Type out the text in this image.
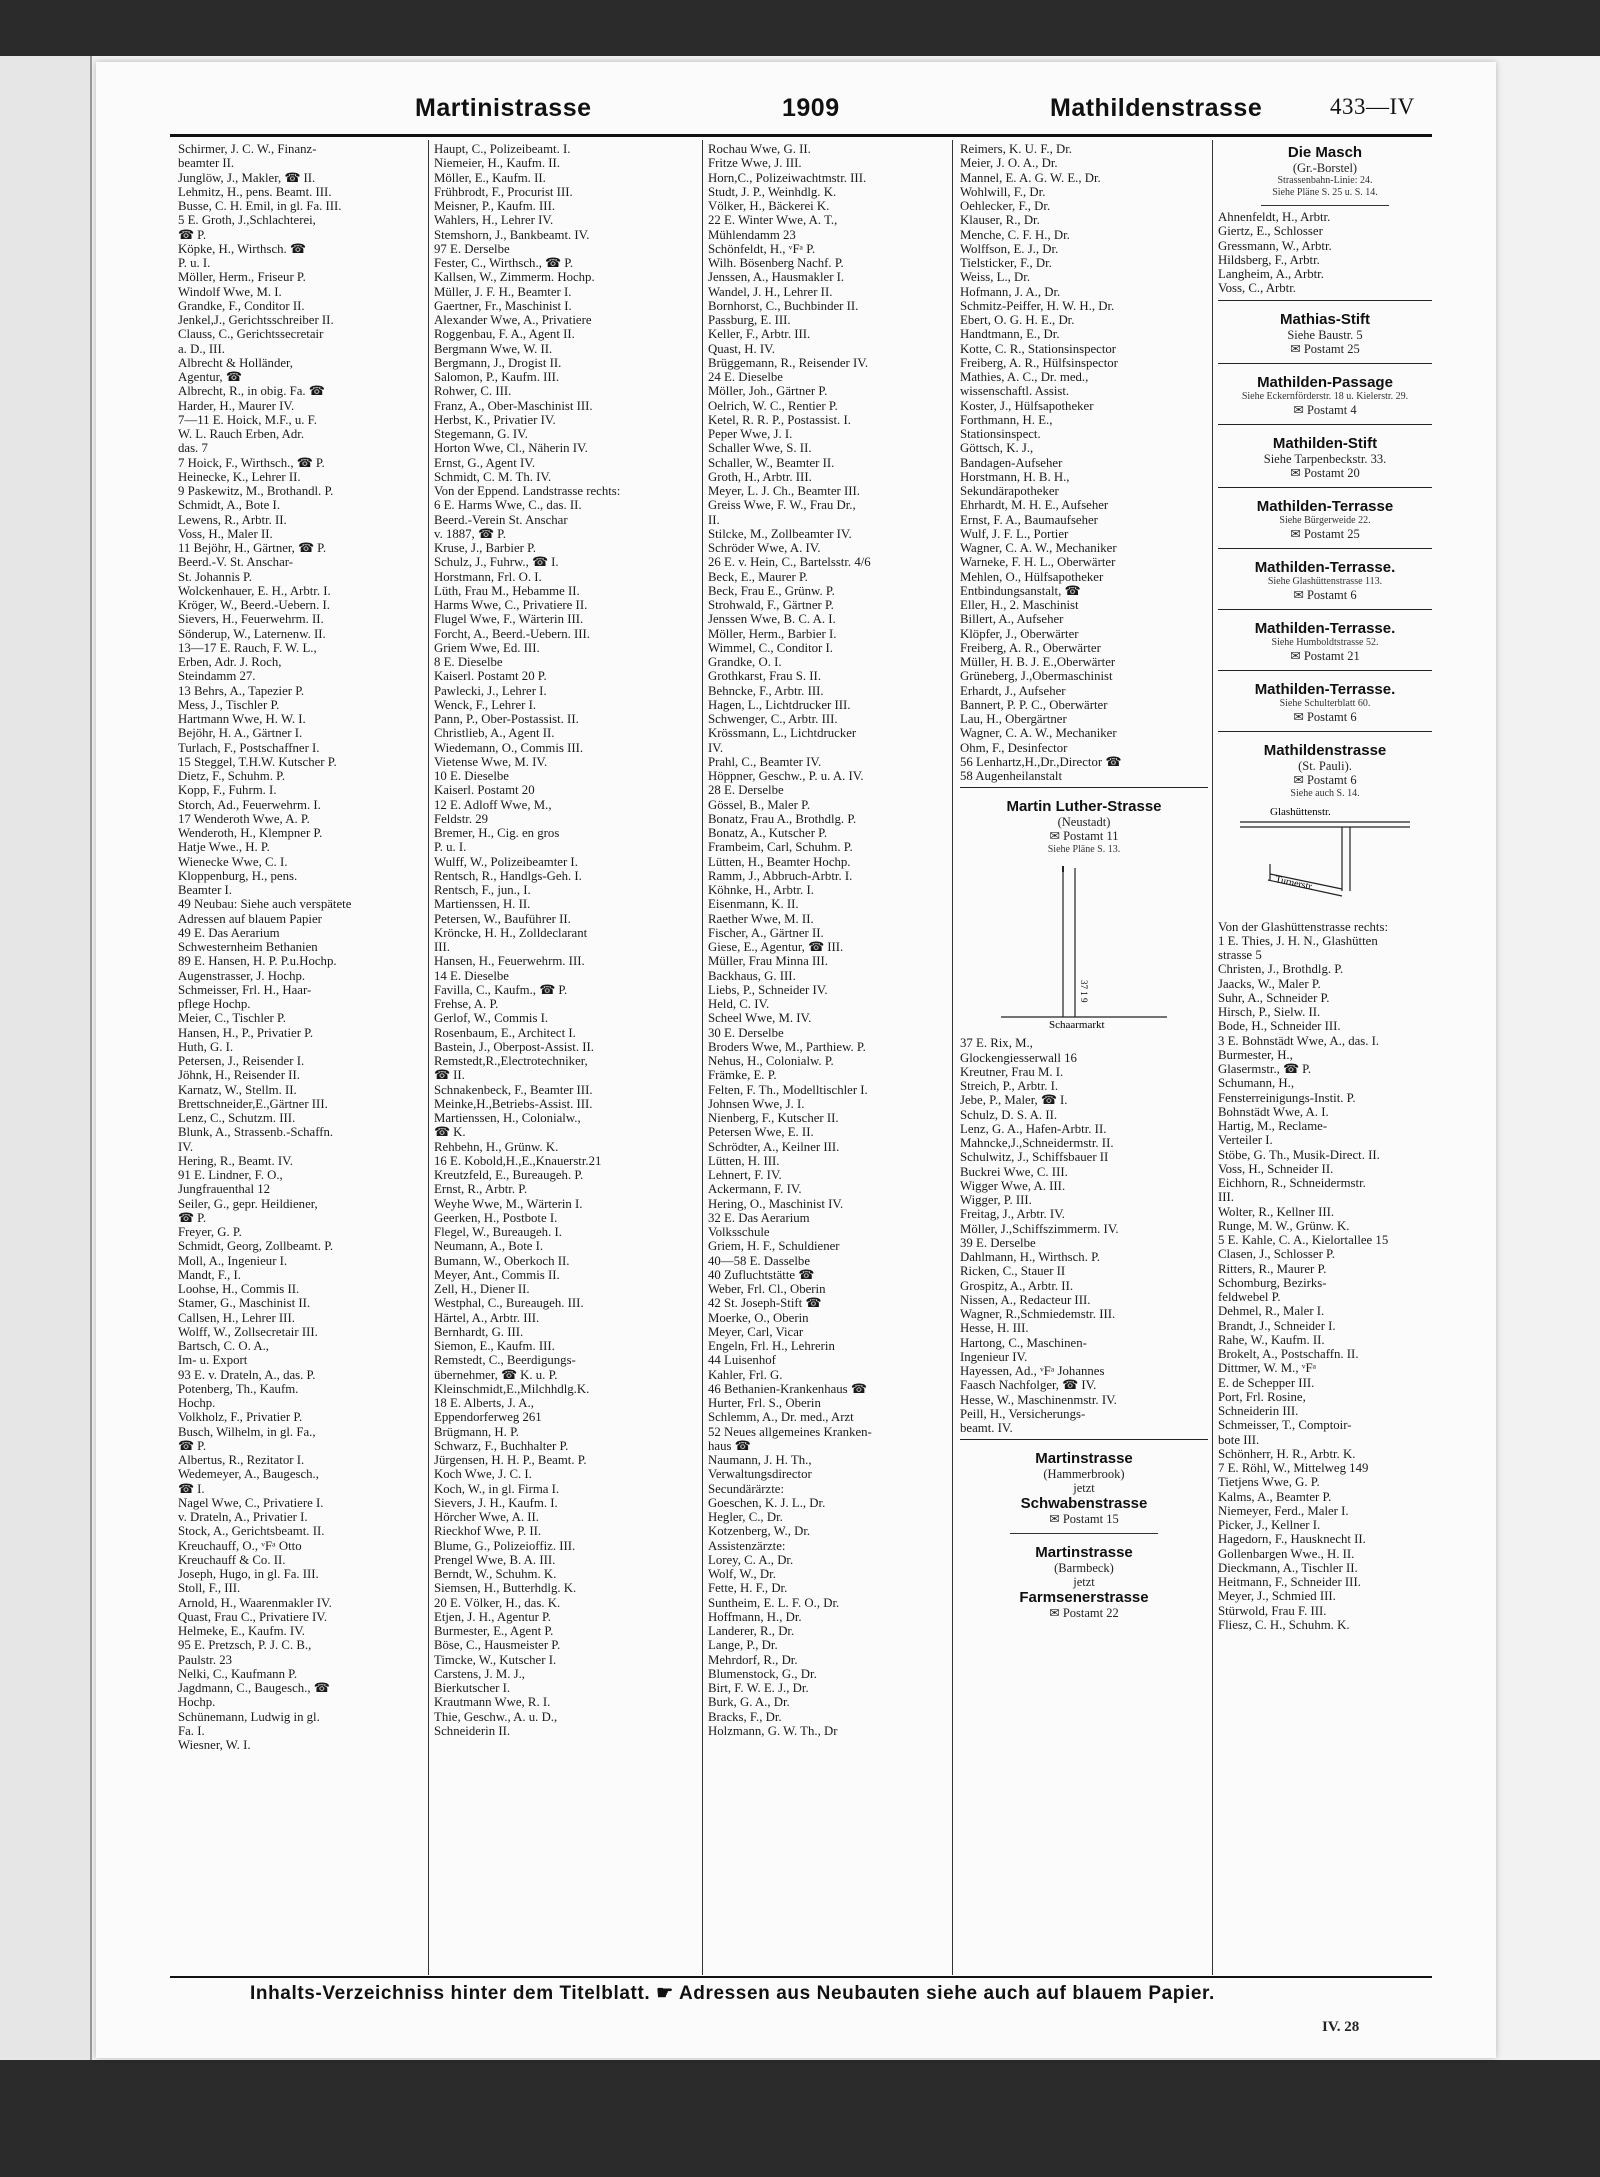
Martinistrasse	1909	Mathildenstrasse	433—IV
Schirmer, J. C. W., Finanz-
beamter II.
Junglöw, J., Makler, ☎ II.
Lehmitz, H., pens. Beamt. III.
Busse, C. H. Emil, in gl. Fa. III.
5 E. Groth, J.,Schlachterei,
☎ P.
Köpke, H., Wirthsch. ☎
P. u. I.
Möller, Herm., Friseur P.
Windolf Wwe, M. I.
Grandke, F., Conditor II.
Jenkel,J., Gerichtsschreiber II.
Clauss, C., Gerichtssecretair
a. D., III.
Albrecht & Holländer,
Agentur, ☎
Albrecht, R., in obig. Fa. ☎
Harder, H., Maurer IV.
7—11 E. Hoick, M.F., u. F.
W. L. Rauch Erben, Adr.
das. 7
7 Hoick, F., Wirthsch., ☎ P.
Heinecke, K., Lehrer II.
9 Paskewitz, M., Brothandl. P.
Schmidt, A., Bote I.
Lewens, R., Arbtr. II.
Voss, H., Maler II.
11 Bejöhr, H., Gärtner, ☎ P.
Beerd.-V. St. Anschar-
St. Johannis P.
Wolckenhauer, E. H., Arbtr. I.
Kröger, W., Beerd.-Uebern. I.
Sievers, H., Feuerwehrm. II.
Sönderup, W., Laternenw. II.
13—17 E. Rauch, F. W. L.,
Erben, Adr. J. Roch,
Steindamm 27.
13 Behrs, A., Tapezier P.
Mess, J., Tischler P.
Hartmann Wwe, H. W. I.
Bejöhr, H. A., Gärtner I.
Turlach, F., Postschaffner I.
15 Steggel, T.H.W. Kutscher P.
Dietz, F., Schuhm. P.
Kopp, F., Fuhrm. I.
Storch, Ad., Feuerwehrm. I.
17 Wenderoth Wwe, A. P.
Wenderoth, H., Klempner P.
Hatje Wwe., H. P.
Wienecke Wwe, C. I.
Kloppenburg, H., pens.
Beamter I.
49 Neubau: Siehe auch verspätete
Adressen auf blauem Papier
49 E. Das Aerarium
Schwesternheim Bethanien
89 E. Hansen, H. P. P.u.Hochp.
Augenstrasser, J. Hochp.
Schmeisser, Frl. H., Haar-
pflege Hochp.
Meier, C., Tischler P.
Hansen, H., P., Privatier P.
Huth, G. I.
Petersen, J., Reisender I.
Jöhnk, H., Reisender II.
Karnatz, W., Stellm. II.
Brettschneider,E.,Gärtner III.
Lenz, C., Schutzm. III.
Blunk, A., Strassenb.-Schaffn.
IV.
Hering, R., Beamt. IV.
91 E. Lindner, F. O.,
Jungfrauenthal 12
Seiler, G., gepr. Heildiener,
☎ P.
Freyer, G. P.
Schmidt, Georg, Zollbeamt. P.
Moll, A., Ingenieur I.
Mandt, F., I.
Loohse, H., Commis II.
Stamer, G., Maschinist II.
Callsen, H., Lehrer III.
Wolff, W., Zollsecretair III.
Bartsch, C. O. A.,
Im- u. Export
93 E. v. Drateln, A., das. P.
Potenberg, Th., Kaufm.
Hochp.
Volkholz, F., Privatier P.
Busch, Wilhelm, in gl. Fa.,
☎ P.
Albertus, R., Rezitator I.
Wedemeyer, A., Baugesch.,
☎ I.
Nagel Wwe, C., Privatiere I.
v. Drateln, A., Privatier I.
Stock, A., Gerichtsbeamt. II.
Kreuchauff, O., ᵛFᵃ Otto
Kreuchauff & Co. II.
Joseph, Hugo, in gl. Fa. III.
Stoll, F., III.
Arnold, H., Waarenmakler IV.
Quast, Frau C., Privatiere IV.
Helmeke, E., Kaufm. IV.
95 E. Pretzsch, P. J. C. B.,
Paulstr. 23
Nelki, C., Kaufmann P.
Jagdmann, C., Baugesch., ☎
Hochp.
Schünemann, Ludwig in gl.
Fa. I.
Wiesner, W. I.
Haupt, C., Polizeibeamt. I.
Niemeier, H., Kaufm. II.
Möller, E., Kaufm. II.
Frühbrodt, F., Procurist III.
Meisner, P., Kaufm. III.
Wahlers, H., Lehrer IV.
Stemshorn, J., Bankbeamt. IV.
97 E. Derselbe
Fester, C., Wirthsch., ☎ P.
Kallsen, W., Zimmerm. Hochp.
Müller, J. F. H., Beamter I.
Gaertner, Fr., Maschinist I.
Alexander Wwe, A., Privatiere
Roggenbau, F. A., Agent II.
Bergmann Wwe, W. II.
Bergmann, J., Drogist II.
Salomon, P., Kaufm. III.
Rohwer, C. III.
Franz, A., Ober-Maschinist III.
Herbst, K., Privatier IV.
Stegemann, G. IV.
Horton Wwe, Cl., Näherin IV.
Ernst, G., Agent IV.
Schmidt, C. M. Th. IV.
Von der Eppend. Landstrasse rechts:
6 E. Harms Wwe, C., das. II.
Beerd.-Verein St. Anschar
v. 1887, ☎ P.
Kruse, J., Barbier P.
Schulz, J., Fuhrw., ☎ I.
Horstmann, Frl. O. I.
Lüth, Frau M., Hebamme II.
Harms Wwe, C., Privatiere II.
Flugel Wwe, F., Wärterin III.
Forcht, A., Beerd.-Uebern. III.
Griem Wwe, Ed. III.
8 E. Dieselbe
Kaiserl. Postamt 20 P.
Pawlecki, J., Lehrer I.
Wenck, F., Lehrer I.
Pann, P., Ober-Postassist. II.
Christlieb, A., Agent II.
Wiedemann, O., Commis III.
Vietense Wwe, M. IV.
10 E. Dieselbe
Kaiserl. Postamt 20
12 E. Adloff Wwe, M.,
Feldstr. 29
Bremer, H., Cig. en gros
P. u. I.
Wulff, W., Polizeibeamter I.
Rentsch, R., Handlgs-Geh. I.
Rentsch, F., jun., I.
Martienssen, H. II.
Petersen, W., Bauführer II.
Kröncke, H. H., Zolldeclarant
III.
Hansen, H., Feuerwehrm. III.
14 E. Dieselbe
Favilla, C., Kaufm., ☎ P.
Frehse, A. P.
Gerlof, W., Commis I.
Rosenbaum, E., Architect I.
Bastein, J., Oberpost-Assist. II.
Remstedt,R.,Electrotechniker,
☎ II.
Schnakenbeck, F., Beamter III.
Meinke,H.,Betriebs-Assist. III.
Martienssen, H., Colonialw.,
☎ K.
Rehbehn, H., Grünw. K.
16 E. Kobold,H.,E.,Knauerstr.21
Kreutzfeld, E., Bureaugeh. P.
Ernst, R., Arbtr. P.
Weyhe Wwe, M., Wärterin I.
Geerken, H., Postbote I.
Flegel, W., Bureaugeh. I.
Neumann, A., Bote I.
Bumann, W., Oberkoch II.
Meyer, Ant., Commis II.
Zell, H., Diener II.
Westphal, C., Bureaugeh. III.
Härtel, A., Arbtr. III.
Bernhardt, G. III.
Siemon, E., Kaufm. III.
Remstedt, C., Beerdigungs-
übernehmer, ☎ K. u. P.
Kleinschmidt,E.,Milchhdlg.K.
18 E. Alberts, J. A.,
Eppendorferweg 261
Brügmann, H. P.
Schwarz, F., Buchhalter P.
Jürgensen, H. H. P., Beamt. P.
Koch Wwe, J. C. I.
Koch, W., in gl. Firma I.
Sievers, J. H., Kaufm. I.
Hörcher Wwe, A. II.
Rieckhof Wwe, P. II.
Blume, G., Polizeioffiz. III.
Prengel Wwe, B. A. III.
Berndt, W., Schuhm. K.
Siemsen, H., Butterhdlg. K.
20 E. Völker, H., das. K.
Etjen, J. H., Agentur P.
Burmester, E., Agent P.
Böse, C., Hausmeister P.
Timcke, W., Kutscher I.
Carstens, J. M. J.,
Bierkutscher I.
Krautmann Wwe, R. I.
Thie, Geschw., A. u. D.,
Schneiderin II.
Rochau Wwe, G. II.
Fritze Wwe, J. III.
Horn,C., Polizeiwachtmstr. III.
Studt, J. P., Weinhdlg. K.
Völker, H., Bäckerei K.
22 E. Winter Wwe, A. T.,
Mühlendamm 23
Schönfeldt, H., ᵛFᵃ P.
Wilh. Bösenberg Nachf. P.
Jenssen, A., Hausmakler I.
Wandel, J. H., Lehrer II.
Bornhorst, C., Buchbinder II.
Passburg, E. III.
Keller, F., Arbtr. III.
Quast, H. IV.
Brüggemann, R., Reisender IV.
24 E. Dieselbe
Möller, Joh., Gärtner P.
Oelrich, W. C., Rentier P.
Ketel, R. R. P., Postassist. I.
Peper Wwe, J. I.
Schaller Wwe, S. II.
Schaller, W., Beamter II.
Groth, H., Arbtr. III.
Meyer, L. J. Ch., Beamter III.
Greiss Wwe, F. W., Frau Dr.,
II.
Stilcke, M., Zollbeamter IV.
Schröder Wwe, A. IV.
26 E. v. Hein, C., Bartelsstr. 4/6
Beck, E., Maurer P.
Beck, Frau E., Grünw. P.
Strohwald, F., Gärtner P.
Jenssen Wwe, B. C. A. I.
Möller, Herm., Barbier I.
Wimmel, C., Conditor I.
Grandke, O. I.
Grothkarst, Frau S. II.
Behncke, F., Arbtr. III.
Hagen, L., Lichtdrucker III.
Schwenger, C., Arbtr. III.
Krössmann, L., Lichtdrucker
IV.
Prahl, C., Beamter IV.
Höppner, Geschw., P. u. A. IV.
28 E. Derselbe
Gössel, B., Maler P.
Bonatz, Frau A., Brothdlg. P.
Bonatz, A., Kutscher P.
Frambeim, Carl, Schuhm. P.
Lütten, H., Beamter Hochp.
Ramm, J., Abbruch-Arbtr. I.
Köhnke, H., Arbtr. I.
Eisenmann, K. II.
Raether Wwe, M. II.
Fischer, A., Gärtner II.
Giese, E., Agentur, ☎ III.
Müller, Frau Minna III.
Backhaus, G. III.
Liebs, P., Schneider IV.
Held, C. IV.
Scheel Wwe, M. IV.
30 E. Derselbe
Broders Wwe, M., Parthiew. P.
Nehus, H., Colonialw. P.
Främke, E. P.
Felten, F. Th., Modelltischler I.
Johnsen Wwe, J. I.
Nienberg, F., Kutscher II.
Petersen Wwe, E. II.
Schrödter, A., Keilner III.
Lütten, H. III.
Lehnert, F. IV.
Ackermann, F. IV.
Hering, O., Maschinist IV.
32 E. Das Aerarium
Volksschule
Griem, H. F., Schuldiener
40—58 E. Dasselbe
40 Zufluchtstätte ☎
Weber, Frl. Cl., Oberin
42 St. Joseph-Stift ☎
Moerke, O., Oberin
Meyer, Carl, Vicar
Engeln, Frl. H., Lehrerin
44 Luisenhof
Kahler, Frl. G.
46 Bethanien-Krankenhaus ☎
Hurter, Frl. S., Oberin
Schlemm, A., Dr. med., Arzt
52 Neues allgemeines Kranken-
haus ☎
Naumann, J. H. Th.,
Verwaltungsdirector
Secundärärzte:
Goeschen, K. J. L., Dr.
Hegler, C., Dr.
Kotzenberg, W., Dr.
Assistenzärzte:
Lorey, C. A., Dr.
Wolf, W., Dr.
Fette, H. F., Dr.
Suntheim, E. L. F. O., Dr.
Hoffmann, H., Dr.
Landerer, R., Dr.
Lange, P., Dr.
Mehrdorf, R., Dr.
Blumenstock, G., Dr.
Birt, F. W. E. J., Dr.
Burk, G. A., Dr.
Bracks, F., Dr.
Holzmann, G. W. Th., Dr
Reimers, K. U. F., Dr.
Meier, J. O. A., Dr.
Mannel, E. A. G. W. E., Dr.
Wohlwill, F., Dr.
Oehlecker, F., Dr.
Klauser, R., Dr.
Menche, C. F. H., Dr.
Wolffson, E. J., Dr.
Tielsticker, F., Dr.
Weiss, L., Dr.
Hofmann, J. A., Dr.
Schmitz-Peiffer, H. W. H., Dr.
Ebert, O. G. H. E., Dr.
Handtmann, E., Dr.
Kotte, C. R., Stationsinspector
Freiberg, A. R., Hülfsinspector
Mathies, A. C., Dr. med.,
wissenschaftl. Assist.
Koster, J., Hülfsapotheker
Forthmann, H. E.,
Stationsinspect.
Göttsch, K. J.,
Bandagen-Aufseher
Horstmann, H. B. H.,
Sekundärapotheker
Ehrhardt, M. H. E., Aufseher
Ernst, F. A., Baumaufseher
Wulf, J. F. L., Portier
Wagner, C. A. W., Mechaniker
Warneke, F. H. L., Oberwärter
Mehlen, O., Hülfsapotheker
Entbindungsanstalt, ☎
Eller, H., 2. Maschinist
Billert, A., Aufseher
Klöpfer, J., Oberwärter
Freiberg, A. R., Oberwärter
Müller, H. B. J. E.,Oberwärter
Grüneberg, J.,Obermaschinist
Erhardt, J., Aufseher
Bannert, P. P. C., Oberwärter
Lau, H., Obergärtner
Wagner, C. A. W., Mechaniker
Ohm, F., Desinfector
56 Lenhartz,H.,Dr.,Director ☎
58 Augenheilanstalt
Martin Luther-Strasse
(Neustadt)
✉ Postamt 11
Siehe Pläne S. 13.
Schaarmarkt
37 1 9
37 E. Rix, M.,
Glockengiesserwall 16
Kreutner, Frau M. I.
Streich, P., Arbtr. I.
Jebe, P., Maler, ☎ I.
Schulz, D. S. A. II.
Lenz, G. A., Hafen-Arbtr. II.
Mahncke,J.,Schneidermstr. II.
Schulwitz, J., Schiffsbauer II
Buckrei Wwe, C. III.
Wigger Wwe, A. III.
Wigger, P. III.
Freitag, J., Arbtr. IV.
Möller, J.,Schiffszimmerm. IV.
39 E. Derselbe
Dahlmann, H., Wirthsch. P.
Ricken, C., Stauer II
Grospitz, A., Arbtr. II.
Nissen, A., Redacteur III.
Wagner, R.,Schmiedemstr. III.
Hesse, H. III.
Hartong, C., Maschinen-
Ingenieur IV.
Hayessen, Ad., ᵛFᵃ Johannes
Faasch Nachfolger, ☎ IV.
Hesse, W., Maschinenmstr. IV.
Peill, H., Versicherungs-
beamt. IV.
Martinstrasse
(Hammerbrook)
jetzt
Schwabenstrasse
✉ Postamt 15
Martinstrasse
(Barmbeck)
jetzt
Farmsenerstrasse
✉ Postamt 22
Die Masch
(Gr.-Borstel)
Strassenbahn-Linie: 24.
Siehe Pläne S. 25 u. S. 14.
Ahnenfeldt, H., Arbtr.
Giertz, E., Schlosser
Gressmann, W., Arbtr.
Hildsberg, F., Arbtr.
Langheim, A., Arbtr.
Voss, C., Arbtr.
Mathias-Stift
Siehe Baustr. 5
✉ Postamt 25
Mathilden-Passage
Siehe Eckernförderstr. 18 u. Kielerstr. 29.
✉ Postamt 4
Mathilden-Stift
Siehe Tarpenbeckstr. 33.
✉ Postamt 20
Mathilden-Terrasse
Siehe Bürgerweide 22.
✉ Postamt 25
Mathilden-Terrasse.
Siehe Glashüttenstrasse 113.
✉ Postamt 6
Mathilden-Terrasse.
Siehe Humboldtstrasse 52.
✉ Postamt 21
Mathilden-Terrasse.
Siehe Schulterblatt 60.
✉ Postamt 6
Mathildenstrasse
(St. Pauli).
✉ Postamt 6
Siehe auch S. 14.
Glashüttenstr.
Turnerstr.
Von der Glashüttenstrasse rechts:
1 E. Thies, J. H. N., Glashütten
strasse 5
Christen, J., Brothdlg. P.
Jaacks, W., Maler P.
Suhr, A., Schneider P.
Hirsch, P., Sielw. II.
Bode, H., Schneider III.
3 E. Bohnstädt Wwe, A., das. I.
Burmester, H.,
Glasermstr., ☎ P.
Schumann, H.,
Fensterreinigungs-Instit. P.
Bohnstädt Wwe, A. I.
Hartig, M., Reclame-
Verteiler I.
Stöbe, G. Th., Musik-Direct. II.
Voss, H., Schneider II.
Eichhorn, R., Schneidermstr.
III.
Wolter, R., Kellner III.
Runge, M. W., Grünw. K.
5 E. Kahle, C. A., Kielortallee 15
Clasen, J., Schlosser P.
Ritters, R., Maurer P.
Schomburg, Bezirks-
feldwebel P.
Dehmel, R., Maler I.
Brandt, J., Schneider I.
Rahe, W., Kaufm. II.
Brokelt, A., Postschaffn. II.
Dittmer, W. M., ᵛFᵃ
E. de Schepper III.
Port, Frl. Rosine,
Schneiderin III.
Schmeisser, T., Comptoir-
bote III.
Schönherr, H. R., Arbtr. K.
7 E. Röhl, W., Mittelweg 149
Tietjens Wwe, G. P.
Kalms, A., Beamter P.
Niemeyer, Ferd., Maler I.
Picker, J., Kellner I.
Hagedorn, F., Hausknecht II.
Gollenbargen Wwe., H. II.
Dieckmann, A., Tischler II.
Heitmann, F., Schneider III.
Meyer, J., Schmied III.
Stürwold, Frau F. III.
Fliesz, C. H., Schuhm. K.
Inhalts-Verzeichniss hinter dem Titelblatt. ☛ Adressen aus Neubauten siehe auch auf blauem Papier.
IV. 28
